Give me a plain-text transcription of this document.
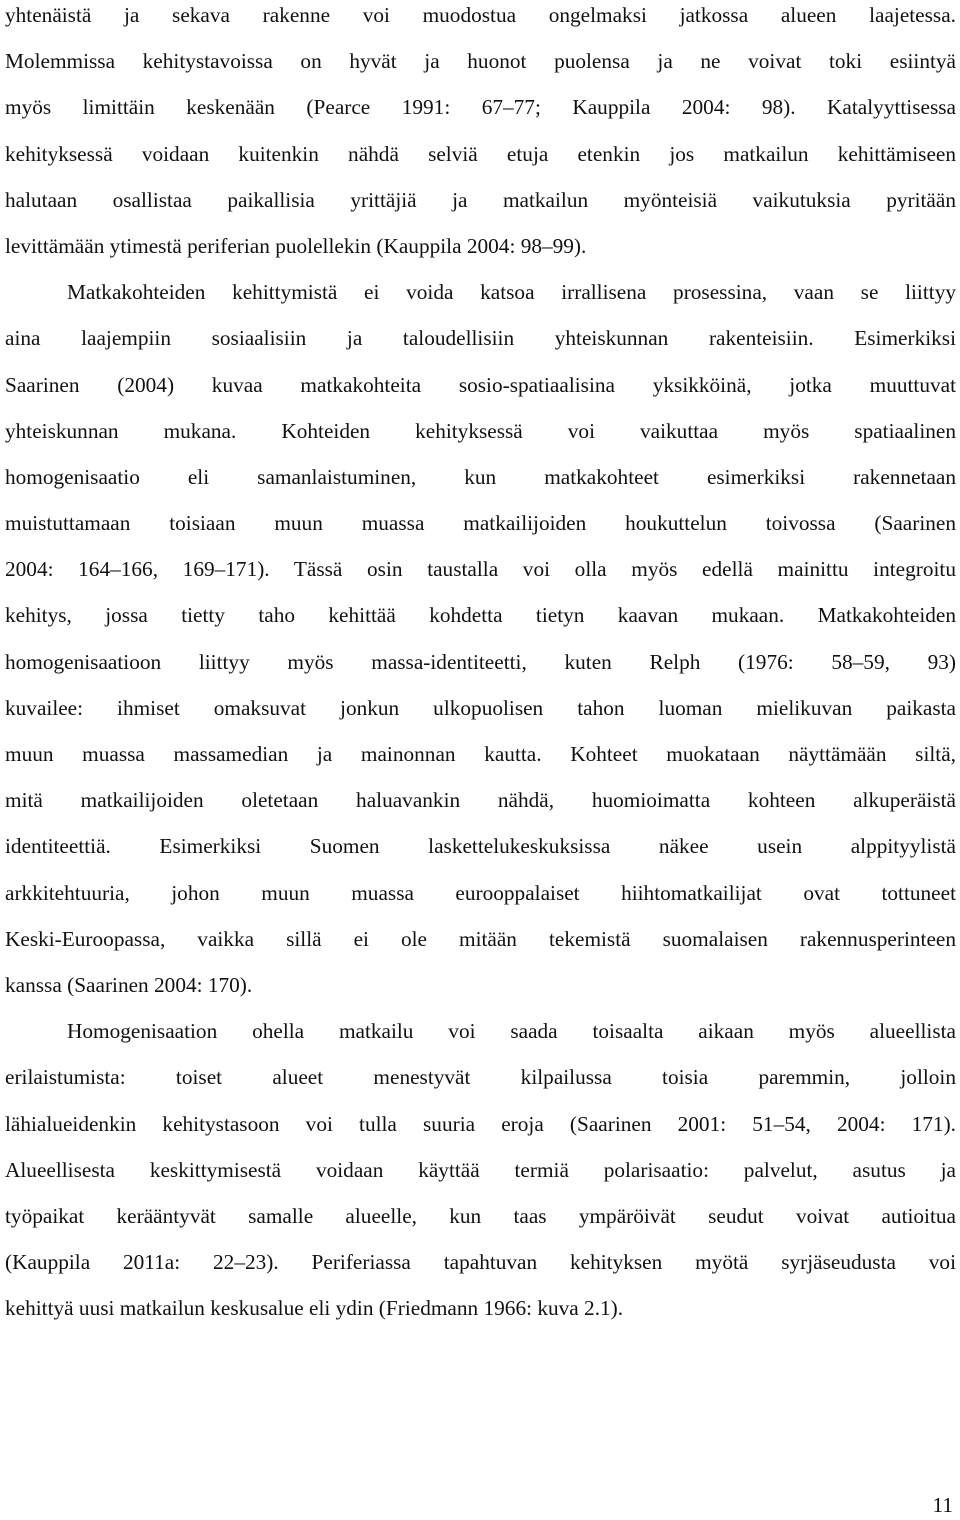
yhtenäistä ja sekava rakenne voi muodostua ongelmaksi jatkossa alueen laajetessa.
Molemmissa kehitystavoissa on hyvät ja huonot puolensa ja ne voivat toki esiintyä
myös limittäin keskenään (Pearce 1991: 67–77; Kauppila 2004: 98). Katalyyttisessa
kehityksessä voidaan kuitenkin nähdä selviä etuja etenkin jos matkailun kehittämiseen
halutaan osallistaa paikallisia yrittäjiä ja matkailun myönteisiä vaikutuksia pyritään
levittämään ytimestä periferian puolellekin (Kauppila 2004: 98–99).
Matkakohteiden kehittymistä ei voida katsoa irrallisena prosessina, vaan se liittyy
aina laajempiin sosiaalisiin ja taloudellisiin yhteiskunnan rakenteisiin. Esimerkiksi
Saarinen (2004) kuvaa matkakohteita sosio-spatiaalisina yksikköinä, jotka muuttuvat
yhteiskunnan mukana. Kohteiden kehityksessä voi vaikuttaa myös spatiaalinen
homogenisaatio eli samanlaistuminen, kun matkakohteet esimerkiksi rakennetaan
muistuttamaan toisiaan muun muassa matkailijoiden houkuttelun toivossa (Saarinen
2004: 164–166, 169–171). Tässä osin taustalla voi olla myös edellä mainittu integroitu
kehitys, jossa tietty taho kehittää kohdetta tietyn kaavan mukaan. Matkakohteiden
homogenisaatioon liittyy myös massa-identiteetti, kuten Relph (1976: 58–59, 93)
kuvailee: ihmiset omaksuvat jonkun ulkopuolisen tahon luoman mielikuvan paikasta
muun muassa massamedian ja mainonnan kautta. Kohteet muokataan näyttämään siltä,
mitä matkailijoiden oletetaan haluavankin nähdä, huomioimatta kohteen alkuperäistä
identiteettiä. Esimerkiksi Suomen laskettelukeskuksissa näkee usein alppityylistä
arkkitehtuuria, johon muun muassa eurooppalaiset hiihtomatkailijat ovat tottuneet
Keski-Euroopassa, vaikka sillä ei ole mitään tekemistä suomalaisen rakennusperinteen
kanssa (Saarinen 2004: 170).
Homogenisaation ohella matkailu voi saada toisaalta aikaan myös alueellista
erilaistumista: toiset alueet menestyvät kilpailussa toisia paremmin, jolloin
lähialueidenkin kehitystasoon voi tulla suuria eroja (Saarinen 2001: 51–54, 2004: 171).
Alueellisesta keskittymisestä voidaan käyttää termiä polarisaatio: palvelut, asutus ja
työpaikat kerääntyvät samalle alueelle, kun taas ympäröivät seudut voivat autioitua
(Kauppila 2011a: 22–23). Periferiassa tapahtuvan kehityksen myötä syrjäseudusta voi
kehittyä uusi matkailun keskusalue eli ydin (Friedmann 1966: kuva 2.1).
11
